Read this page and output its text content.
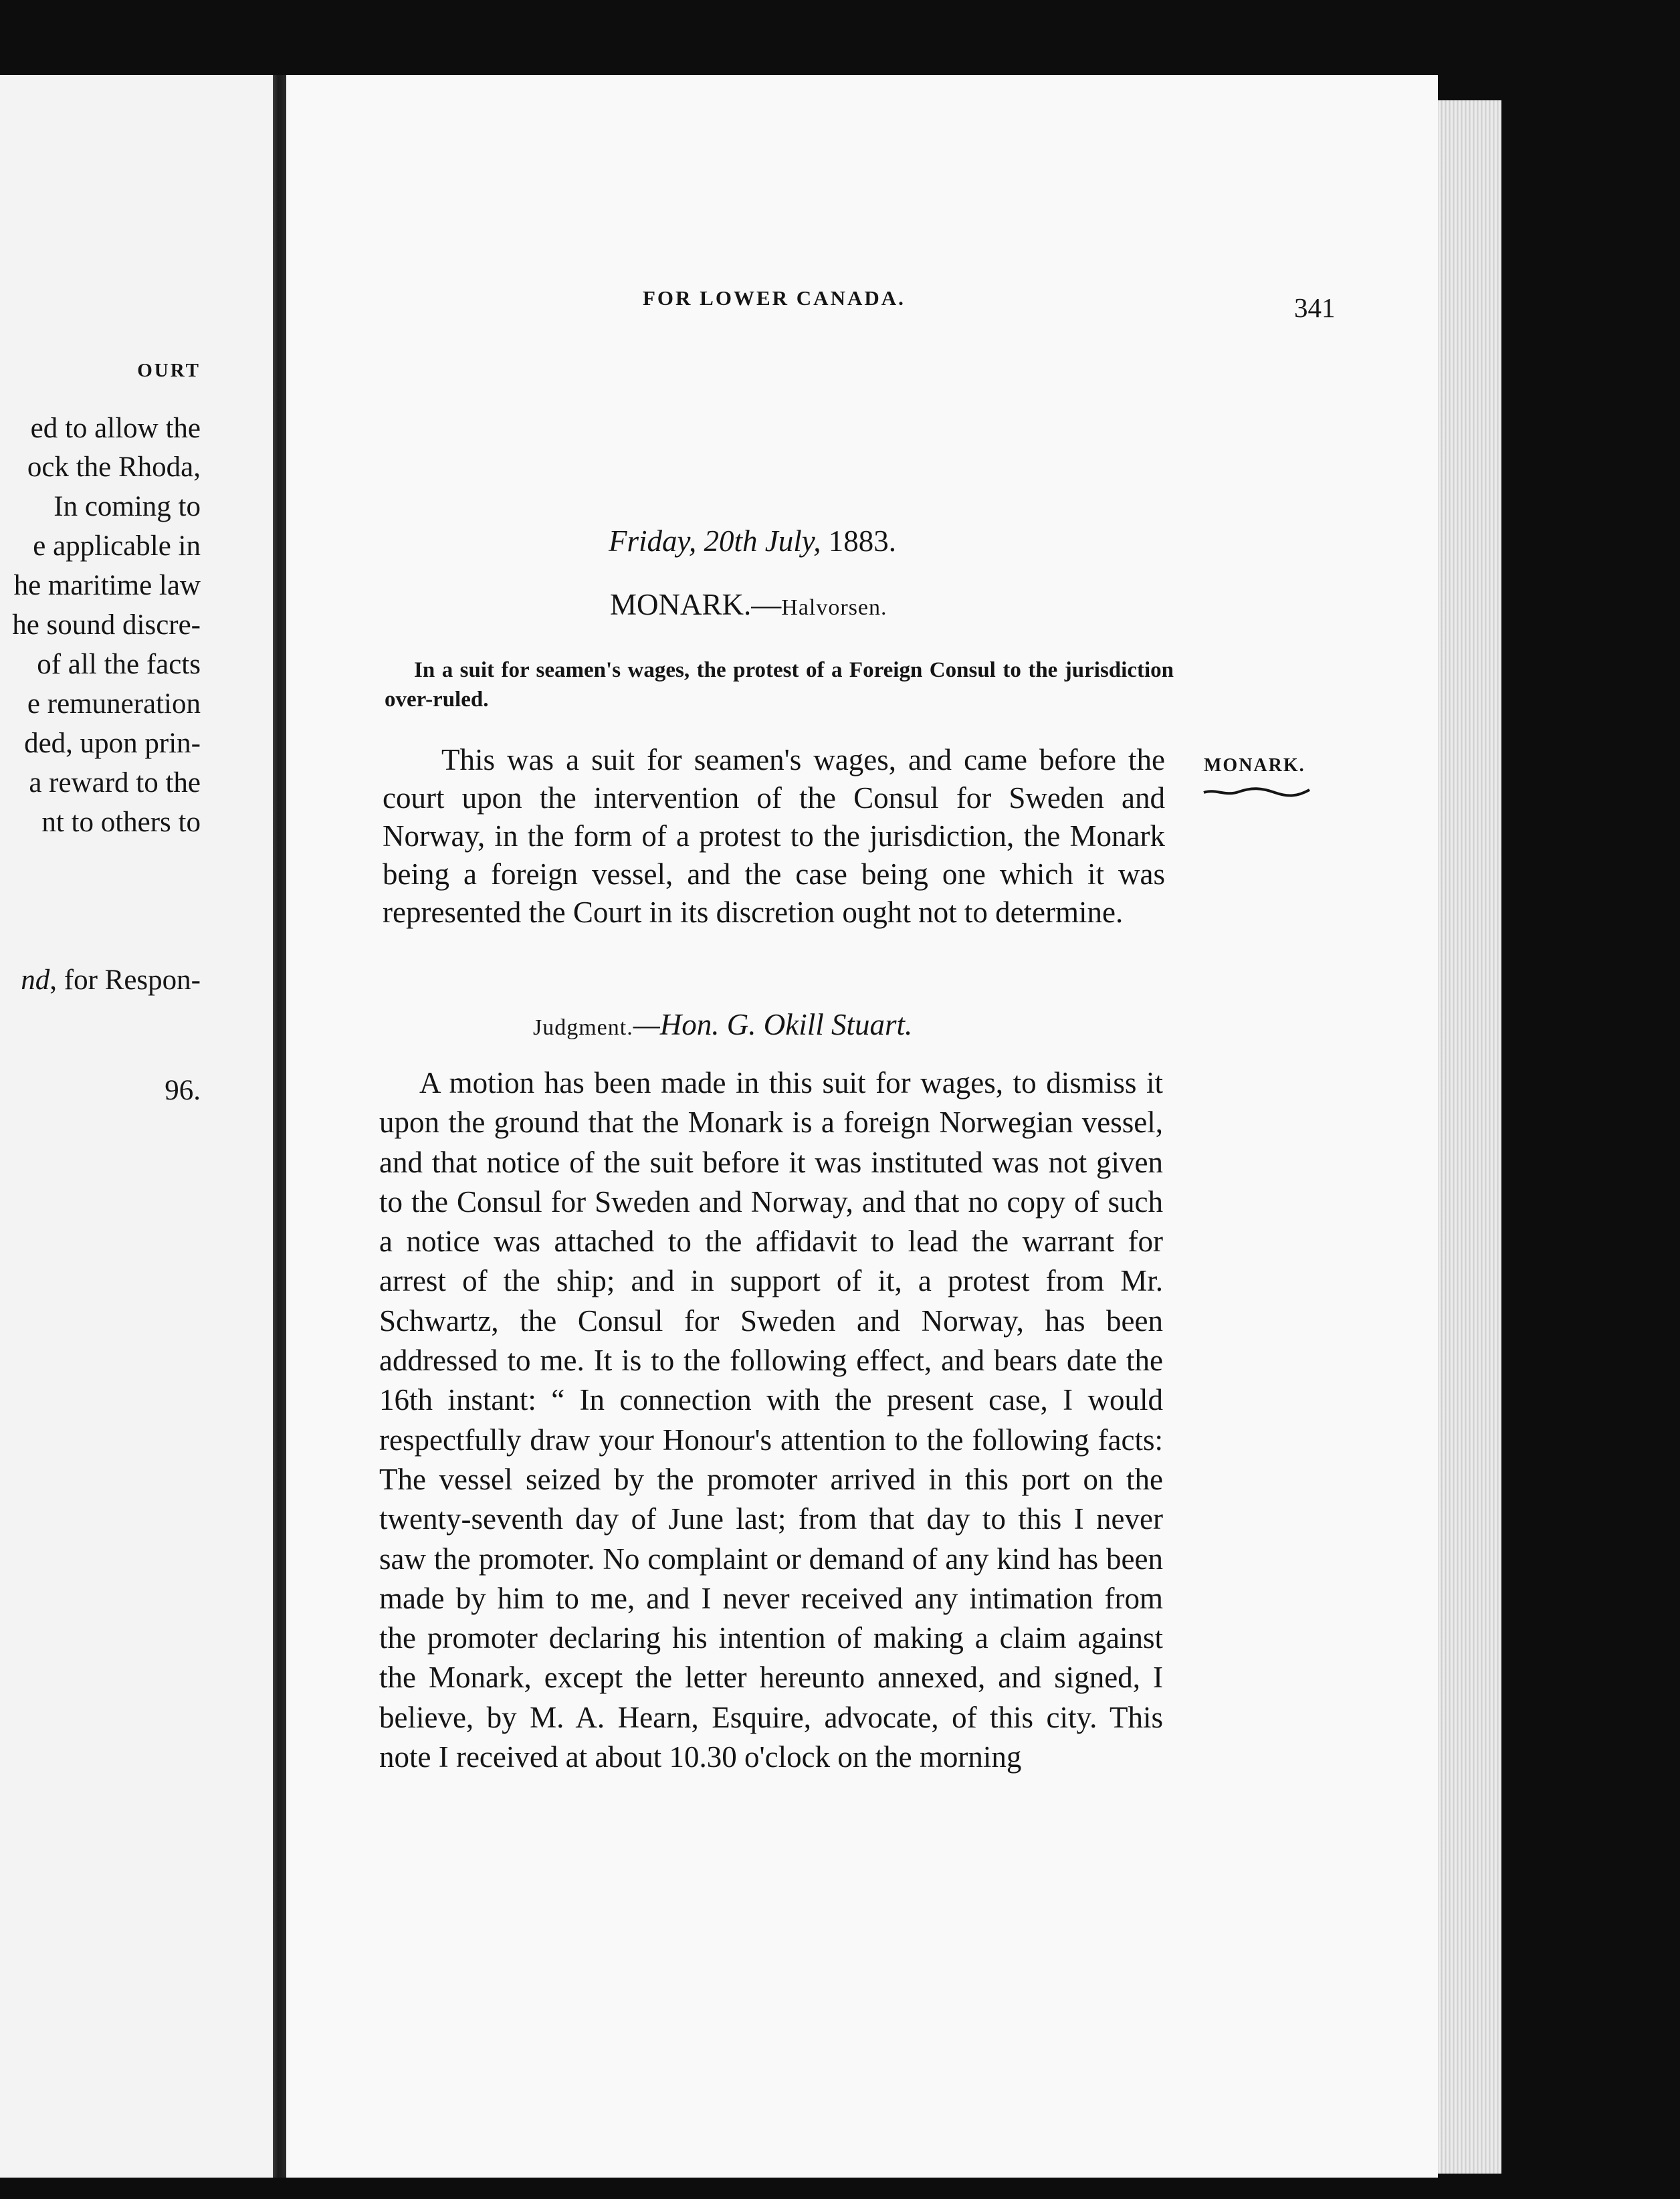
OURT

ed to allow the

ock the Rhoda,

In coming to

e applicable in

he maritime law

he sound discre-

of all the facts

e remuneration

ded, upon prin-

a reward to the

nt to others to

nd, for Respon-

96.

FOR LOWER CANADA.	341

Friday, 20th July, 1883.

MONARK.—Halvorsen.

In a suit for seamen's wages, the protest of a Foreign Consul to the jurisdiction over-ruled.

MONARK.

This was a suit for seamen's wages, and came before the court upon the intervention of the Consul for Sweden and Norway, in the form of a protest to the jurisdiction, the Monark being a foreign vessel, and the case being one which it was represented the Court in its discretion ought not to determine.

Judgment.—Hon. G. Okill Stuart.

A motion has been made in this suit for wages, to dismiss it upon the ground that the Monark is a foreign Norwegian vessel, and that notice of the suit before it was instituted was not given to the Consul for Sweden and Norway, and that no copy of such a notice was attached to the affidavit to lead the warrant for arrest of the ship; and in support of it, a protest from Mr. Schwartz, the Consul for Sweden and Norway, has been addressed to me. It is to the following effect, and bears date the 16th instant: “ In connection with the present case, I would respectfully draw your Honour's attention to the following facts: The vessel seized by the promoter arrived in this port on the twenty-seventh day of June last; from that day to this I never saw the promoter. No complaint or demand of any kind has been made by him to me, and I never received any intimation from the promoter declaring his intention of making a claim against the Monark, except the letter hereunto annexed, and signed, I believe, by M. A. Hearn, Esquire, advocate, of this city. This note I received at about 10.30 o'clock on the morning
